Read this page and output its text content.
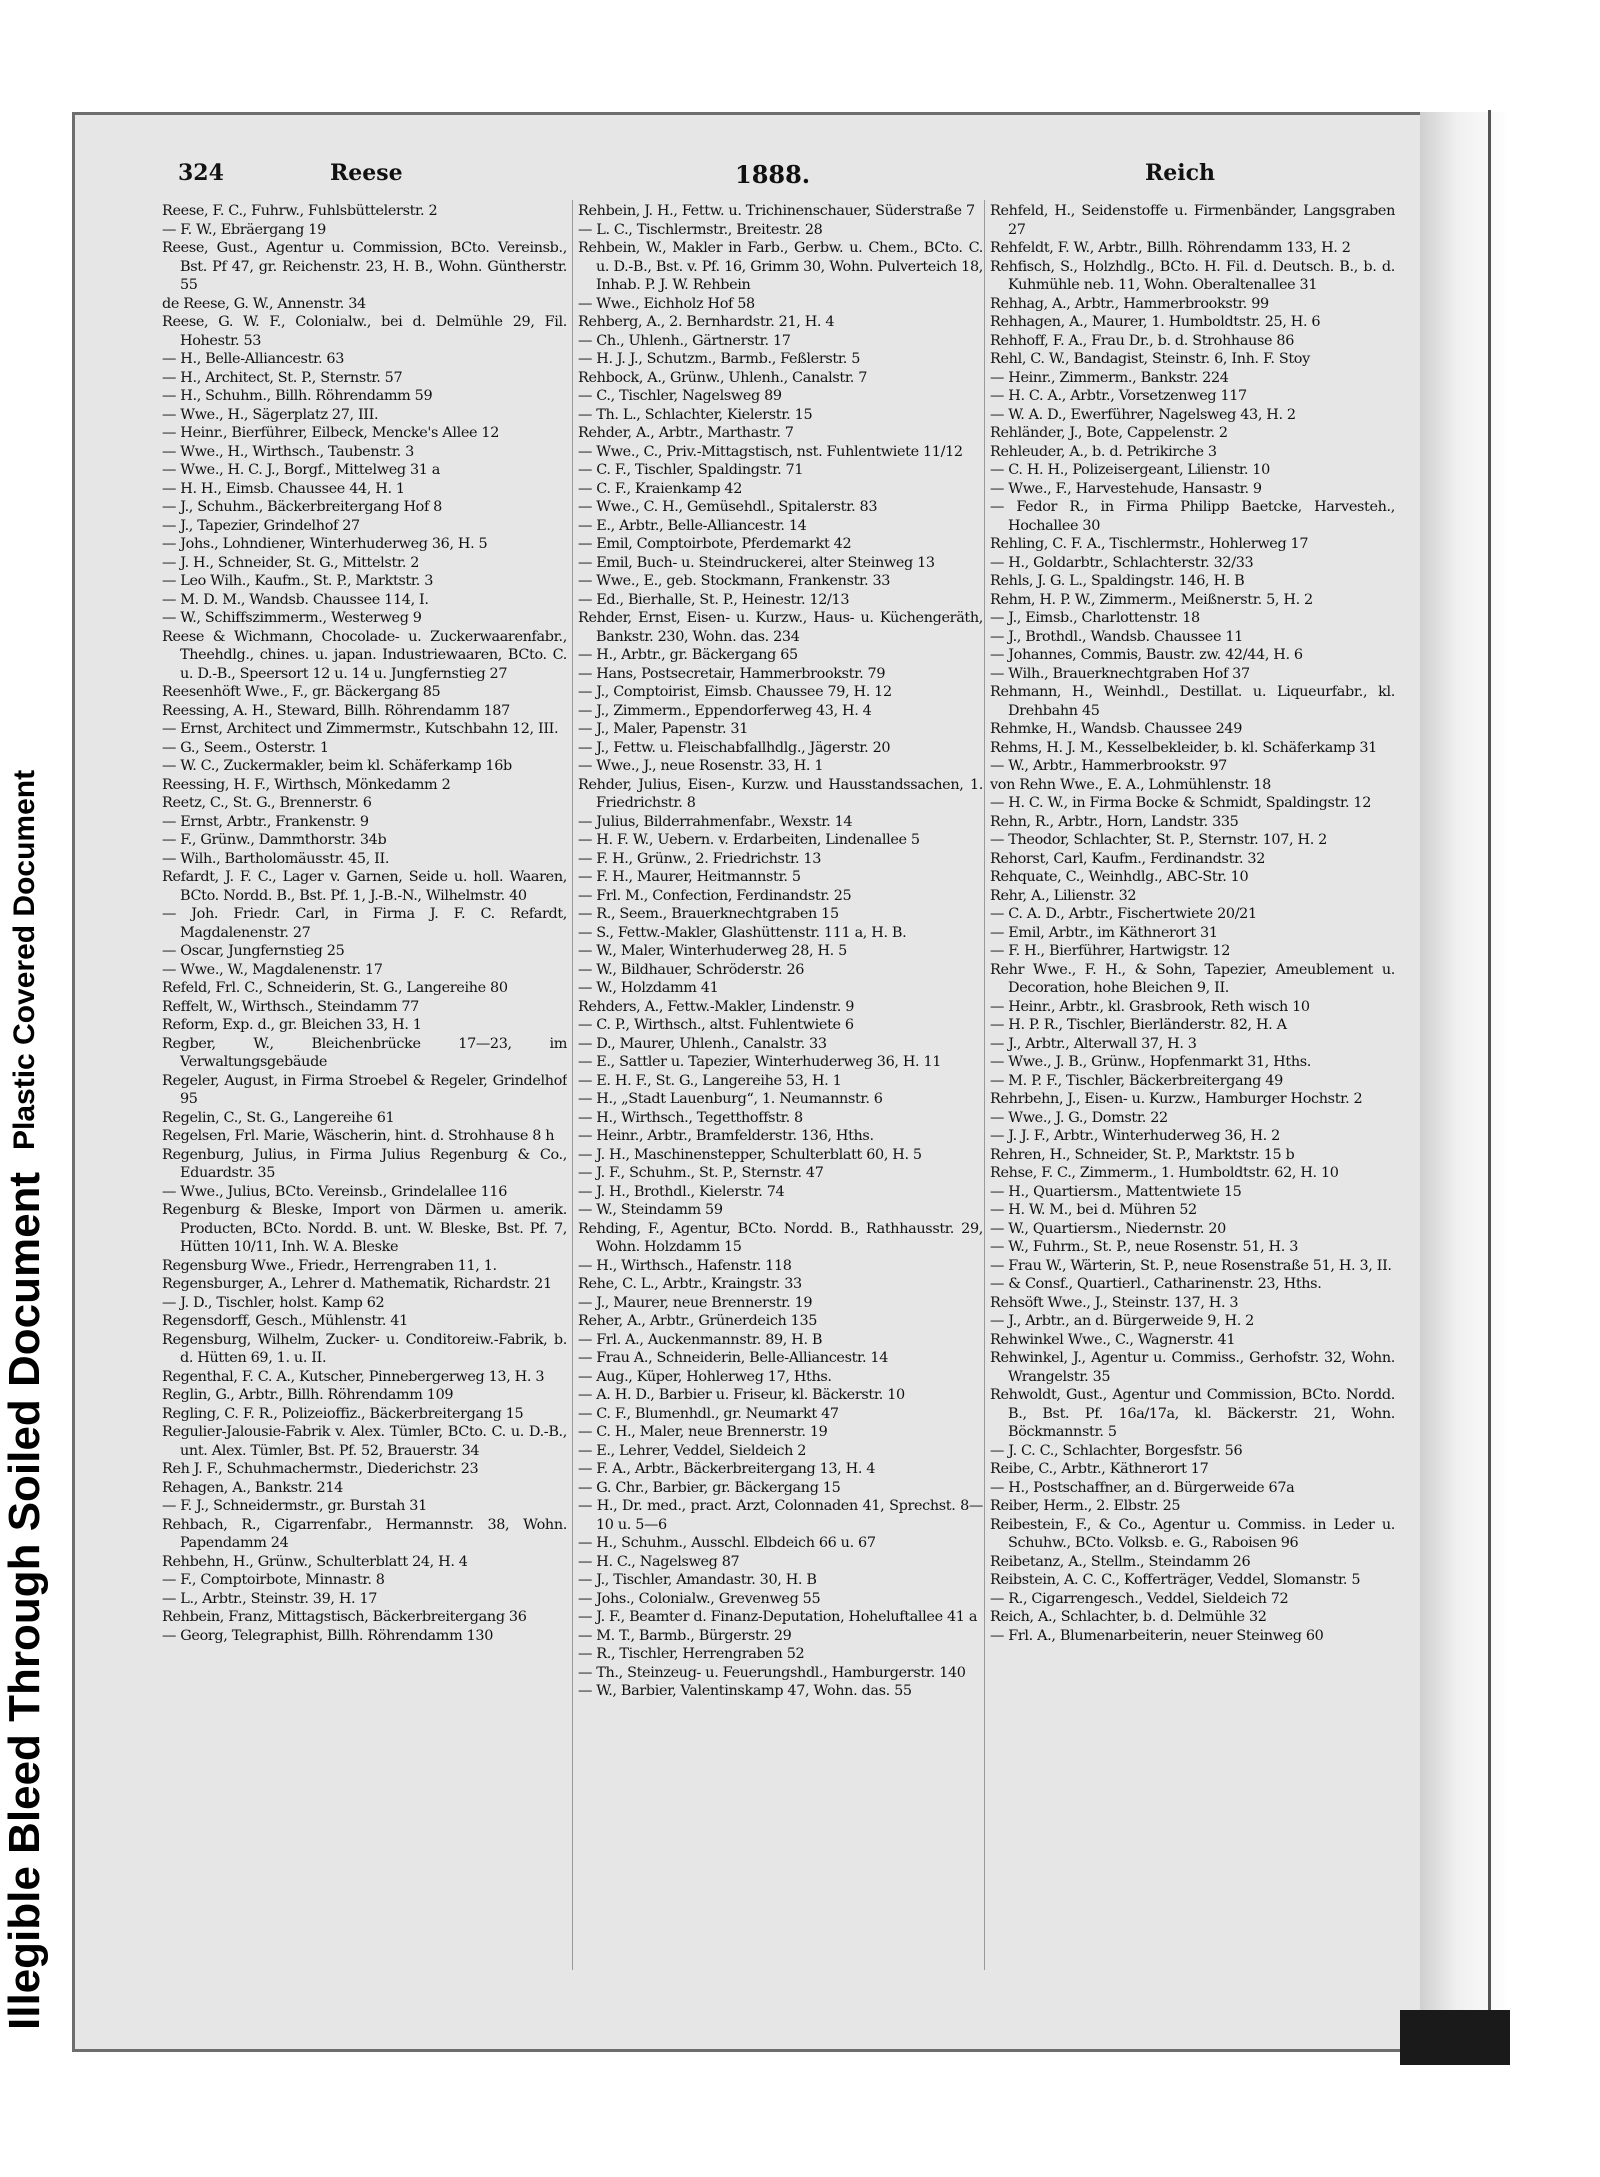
Illegible Bleed Through Soiled Document
Plastic Covered Document
324	Reese	1888.	Reich
Reese, F. C., Fuhrw., Fuhlsbüttelerstr. 2
— F. W., Ebräergang 19
Reese, Gust., Agentur u. Commission, BCto. Vereinsb., Bst. Pf 47, gr. Reichenstr. 23, H. B., Wohn. Güntherstr. 55
de Reese, G. W., Annenstr. 34
Reese, G. W. F., Colonialw., bei d. Delmühle 29, Fil. Hohestr. 53
— H., Belle-Alliancestr. 63
— H., Architect, St. P., Sternstr. 57
— H., Schuhm., Billh. Röhrendamm 59
— Wwe., H., Sägerplatz 27, III.
— Heinr., Bierführer, Eilbeck, Mencke's Allee 12
— Wwe., H., Wirthsch., Taubenstr. 3
— Wwe., H. C. J., Borgf., Mittelweg 31 a
— H. H., Eimsb. Chaussee 44, H. 1
— J., Schuhm., Bäckerbreitergang Hof 8
— J., Tapezier, Grindelhof 27
— Johs., Lohndiener, Winterhuderweg 36, H. 5
— J. H., Schneider, St. G., Mittelstr. 2
— Leo Wilh., Kaufm., St. P., Marktstr. 3
— M. D. M., Wandsb. Chaussee 114, I.
— W., Schiffszimmerm., Westerweg 9
Reese & Wichmann, Chocolade- u. Zuckerwaarenfabr., Theehdlg., chines. u. japan. Industriewaaren, BCto. C. u. D.-B., Speersort 12 u. 14 u. Jungfernstieg 27
Reesenhöft Wwe., F., gr. Bäckergang 85
Reessing, A. H., Steward, Billh. Röhrendamm 187
— Ernst, Architect und Zimmermstr., Kutschbahn 12, III.
— G., Seem., Osterstr. 1
— W. C., Zuckermakler, beim kl. Schäferkamp 16b
Reessing, H. F., Wirthsch, Mönkedamm 2
Reetz, C., St. G., Brennerstr. 6
— Ernst, Arbtr., Frankenstr. 9
— F., Grünw., Dammthorstr. 34b
— Wilh., Bartholomäusstr. 45, II.
Refardt, J. F. C., Lager v. Garnen, Seide u. holl. Waaren, BCto. Nordd. B., Bst. Pf. 1, J.-B.-N., Wilhelmstr. 40
— Joh. Friedr. Carl, in Firma J. F. C. Refardt, Magdalenenstr. 27
— Oscar, Jungfernstieg 25
— Wwe., W., Magdalenenstr. 17
Refeld, Frl. C., Schneiderin, St. G., Langereihe 80
Reffelt, W., Wirthsch., Steindamm 77
Reform, Exp. d., gr. Bleichen 33, H. 1
Regber, W., Bleichenbrücke 17—23, im Verwaltungsgebäude
Regeler, August, in Firma Stroebel & Regeler, Grindelhof 95
Regelin, C., St. G., Langereihe 61
Regelsen, Frl. Marie, Wäscherin, hint. d. Strohhause 8 h
Regenburg, Julius, in Firma Julius Regenburg & Co., Eduardstr. 35
— Wwe., Julius, BCto. Vereinsb., Grindelallee 116
Regenburg & Bleske, Import von Därmen u. amerik. Producten, BCto. Nordd. B. unt. W. Bleske, Bst. Pf. 7, Hütten 10/11, Inh. W. A. Bleske
Regensburg Wwe., Friedr., Herrengraben 11, 1.
Regensburger, A., Lehrer d. Mathematik, Richardstr. 21
— J. D., Tischler, holst. Kamp 62
Regensdorff, Gesch., Mühlenstr. 41
Regensburg, Wilhelm, Zucker- u. Conditoreiw.-Fabrik, b. d. Hütten 69, 1. u. II.
Regenthal, F. C. A., Kutscher, Pinnebergerweg 13, H. 3
Reglin, G., Arbtr., Billh. Röhrendamm 109
Regling, C. F. R., Polizeioffiz., Bäckerbreitergang 15
Regulier-Jalousie-Fabrik v. Alex. Tümler, BCto. C. u. D.-B., unt. Alex. Tümler, Bst. Pf. 52, Brauerstr. 34
Reh J. F., Schuhmachermstr., Diederichstr. 23
Rehagen, A., Bankstr. 214
— F. J., Schneidermstr., gr. Burstah 31
Rehbach, R., Cigarrenfabr., Hermannstr. 38, Wohn. Papendamm 24
Rehbehn, H., Grünw., Schulterblatt 24, H. 4
— F., Comptoirbote, Minnastr. 8
— L., Arbtr., Steinstr. 39, H. 17
Rehbein, Franz, Mittagstisch, Bäckerbreitergang 36
— Georg, Telegraphist, Billh. Röhrendamm 130
Rehbein, J. H., Fettw. u. Trichinenschauer, Süderstraße 7
— L. C., Tischlermstr., Breitestr. 28
Rehbein, W., Makler in Farb., Gerbw. u. Chem., BCto. C. u. D.-B., Bst. v. Pf. 16, Grimm 30, Wohn. Pulverteich 18, Inhab. P. J. W. Rehbein
— Wwe., Eichholz Hof 58
Rehberg, A., 2. Bernhardstr. 21, H. 4
— Ch., Uhlenh., Gärtnerstr. 17
— H. J. J., Schutzm., Barmb., Feßlerstr. 5
Rehbock, A., Grünw., Uhlenh., Canalstr. 7
— C., Tischler, Nagelsweg 89
— Th. L., Schlachter, Kielerstr. 15
Rehder, A., Arbtr., Marthastr. 7
— Wwe., C., Priv.-Mittagstisch, nst. Fuhlentwiete 11/12
— C. F., Tischler, Spaldingstr. 71
— C. F., Kraienkamp 42
— Wwe., C. H., Gemüsehdl., Spitalerstr. 83
— E., Arbtr., Belle-Alliancestr. 14
— Emil, Comptoirbote, Pferdemarkt 42
— Emil, Buch- u. Steindruckerei, alter Steinweg 13
— Wwe., E., geb. Stockmann, Frankenstr. 33
— Ed., Bierhalle, St. P., Heinestr. 12/13
Rehder, Ernst, Eisen- u. Kurzw., Haus- u. Küchengeräth, Bankstr. 230, Wohn. das. 234
— H., Arbtr., gr. Bäckergang 65
— Hans, Postsecretair, Hammerbrookstr. 79
— J., Comptoirist, Eimsb. Chaussee 79, H. 12
— J., Zimmerm., Eppendorferweg 43, H. 4
— J., Maler, Papenstr. 31
— J., Fettw. u. Fleischabfallhdlg., Jägerstr. 20
— Wwe., J., neue Rosenstr. 33, H. 1
Rehder, Julius, Eisen-, Kurzw. und Hausstandssachen, 1. Friedrichstr. 8
— Julius, Bilderrahmenfabr., Wexstr. 14
— H. F. W., Uebern. v. Erdarbeiten, Lindenallee 5
— F. H., Grünw., 2. Friedrichstr. 13
— F. H., Maurer, Heitmannstr. 5
— Frl. M., Confection, Ferdinandstr. 25
— R., Seem., Brauerknechtgraben 15
— S., Fettw.-Makler, Glashüttenstr. 111 a, H. B.
— W., Maler, Winterhuderweg 28, H. 5
— W., Bildhauer, Schröderstr. 26
— W., Holzdamm 41
Rehders, A., Fettw.-Makler, Lindenstr. 9
— C. P., Wirthsch., altst. Fuhlentwiete 6
— D., Maurer, Uhlenh., Canalstr. 33
— E., Sattler u. Tapezier, Winterhuderweg 36, H. 11
— E. H. F., St. G., Langereihe 53, H. 1
— H., „Stadt Lauenburg“, 1. Neumannstr. 6
— H., Wirthsch., Tegetthoffstr. 8
— Heinr., Arbtr., Bramfelderstr. 136, Hths.
— J. H., Maschinenstepper, Schulterblatt 60, H. 5
— J. F., Schuhm., St. P., Sternstr. 47
— J. H., Brothdl., Kielerstr. 74
— W., Steindamm 59
Rehding, F., Agentur, BCto. Nordd. B., Rathhausstr. 29, Wohn. Holzdamm 15
— H., Wirthsch., Hafenstr. 118
Rehe, C. L., Arbtr., Kraingstr. 33
— J., Maurer, neue Brennerstr. 19
Reher, A., Arbtr., Grünerdeich 135
— Frl. A., Auckenmannstr. 89, H. B
— Frau A., Schneiderin, Belle-Alliancestr. 14
— Aug., Küper, Hohlerweg 17, Hths.
— A. H. D., Barbier u. Friseur, kl. Bäckerstr. 10
— C. F., Blumenhdl., gr. Neumarkt 47
— C. H., Maler, neue Brennerstr. 19
— E., Lehrer, Veddel, Sieldeich 2
— F. A., Arbtr., Bäckerbreitergang 13, H. 4
— G. Chr., Barbier, gr. Bäckergang 15
— H., Dr. med., pract. Arzt, Colonnaden 41, Sprechst. 8—10 u. 5—6
— H., Schuhm., Ausschl. Elbdeich 66 u. 67
— H. C., Nagelsweg 87
— J., Tischler, Amandastr. 30, H. B
— Johs., Colonialw., Grevenweg 55
— J. F., Beamter d. Finanz-Deputation, Hoheluftallee 41 a
— M. T., Barmb., Bürgerstr. 29
— R., Tischler, Herrengraben 52
— Th., Steinzeug- u. Feuerungshdl., Hamburgerstr. 140
— W., Barbier, Valentinskamp 47, Wohn. das. 55
Rehfeld, H., Seidenstoffe u. Firmenbänder, Langsgraben 27
Rehfeldt, F. W., Arbtr., Billh. Röhrendamm 133, H. 2
Rehfisch, S., Holzhdlg., BCto. H. Fil. d. Deutsch. B., b. d. Kuhmühle neb. 11, Wohn. Oberaltenallee 31
Rehhag, A., Arbtr., Hammerbrookstr. 99
Rehhagen, A., Maurer, 1. Humboldtstr. 25, H. 6
Rehhoff, F. A., Frau Dr., b. d. Strohhause 86
Rehl, C. W., Bandagist, Steinstr. 6, Inh. F. Stoy
— Heinr., Zimmerm., Bankstr. 224
— H. C. A., Arbtr., Vorsetzenweg 117
— W. A. D., Ewerführer, Nagelsweg 43, H. 2
Rehländer, J., Bote, Cappelenstr. 2
Rehleuder, A., b. d. Petrikirche 3
— C. H. H., Polizeisergeant, Lilienstr. 10
— Wwe., F., Harvestehude, Hansastr. 9
— Fedor R., in Firma Philipp Baetcke, Harvesteh., Hochallee 30
Rehling, C. F. A., Tischlermstr., Hohlerweg 17
— H., Goldarbtr., Schlachterstr. 32/33
Rehls, J. G. L., Spaldingstr. 146, H. B
Rehm, H. P. W., Zimmerm., Meißnerstr. 5, H. 2
— J., Eimsb., Charlottenstr. 18
— J., Brothdl., Wandsb. Chaussee 11
— Johannes, Commis, Baustr. zw. 42/44, H. 6
— Wilh., Brauerknechtgraben Hof 37
Rehmann, H., Weinhdl., Destillat. u. Liqueurfabr., kl. Drehbahn 45
Rehmke, H., Wandsb. Chaussee 249
Rehms, H. J. M., Kesselbekleider, b. kl. Schäferkamp 31
— W., Arbtr., Hammerbrookstr. 97
von Rehn Wwe., E. A., Lohmühlenstr. 18
— H. C. W., in Firma Bocke & Schmidt, Spaldingstr. 12
Rehn, R., Arbtr., Horn, Landstr. 335
— Theodor, Schlachter, St. P., Sternstr. 107, H. 2
Rehorst, Carl, Kaufm., Ferdinandstr. 32
Rehquate, C., Weinhdlg., ABC-Str. 10
Rehr, A., Lilienstr. 32
— C. A. D., Arbtr., Fischertwiete 20/21
— Emil, Arbtr., im Käthnerort 31
— F. H., Bierführer, Hartwigstr. 12
Rehr Wwe., F. H., & Sohn, Tapezier, Ameublement u. Decoration, hohe Bleichen 9, II.
— Heinr., Arbtr., kl. Grasbrook, Reth wisch 10
— H. P. R., Tischler, Bierländerstr. 82, H. A
— J., Arbtr., Alterwall 37, H. 3
— Wwe., J. B., Grünw., Hopfenmarkt 31, Hths.
— M. P. F., Tischler, Bäckerbreitergang 49
Rehrbehn, J., Eisen- u. Kurzw., Hamburger Hochstr. 2
— Wwe., J. G., Domstr. 22
— J. J. F., Arbtr., Winterhuderweg 36, H. 2
Rehren, H., Schneider, St. P., Marktstr. 15 b
Rehse, F. C., Zimmerm., 1. Humboldtstr. 62, H. 10
— H., Quartiersm., Mattentwiete 15
— H. W. M., bei d. Mühren 52
— W., Quartiersm., Niedernstr. 20
— W., Fuhrm., St. P., neue Rosenstr. 51, H. 3
— Frau W., Wärterin, St. P., neue Rosenstraße 51, H. 3, II.
— & Consf., Quartierl., Catharinenstr. 23, Hths.
Rehsöft Wwe., J., Steinstr. 137, H. 3
— J., Arbtr., an d. Bürgerweide 9, H. 2
Rehwinkel Wwe., C., Wagnerstr. 41
Rehwinkel, J., Agentur u. Commiss., Gerhofstr. 32, Wohn. Wrangelstr. 35
Rehwoldt, Gust., Agentur und Commission, BCto. Nordd. B., Bst. Pf. 16a/17a, kl. Bäckerstr. 21, Wohn. Böckmannstr. 5
— J. C. C., Schlachter, Borgesfstr. 56
Reibe, C., Arbtr., Käthnerort 17
— H., Postschaffner, an d. Bürgerweide 67a
Reiber, Herm., 2. Elbstr. 25
Reibestein, F., & Co., Agentur u. Commiss. in Leder u. Schuhw., BCto. Volksb. e. G., Raboisen 96
Reibetanz, A., Stellm., Steindamm 26
Reibstein, A. C. C., Kofferträger, Veddel, Slomanstr. 5
— R., Cigarrengesch., Veddel, Sieldeich 72
Reich, A., Schlachter, b. d. Delmühle 32
— Frl. A., Blumenarbeiterin, neuer Steinweg 60
